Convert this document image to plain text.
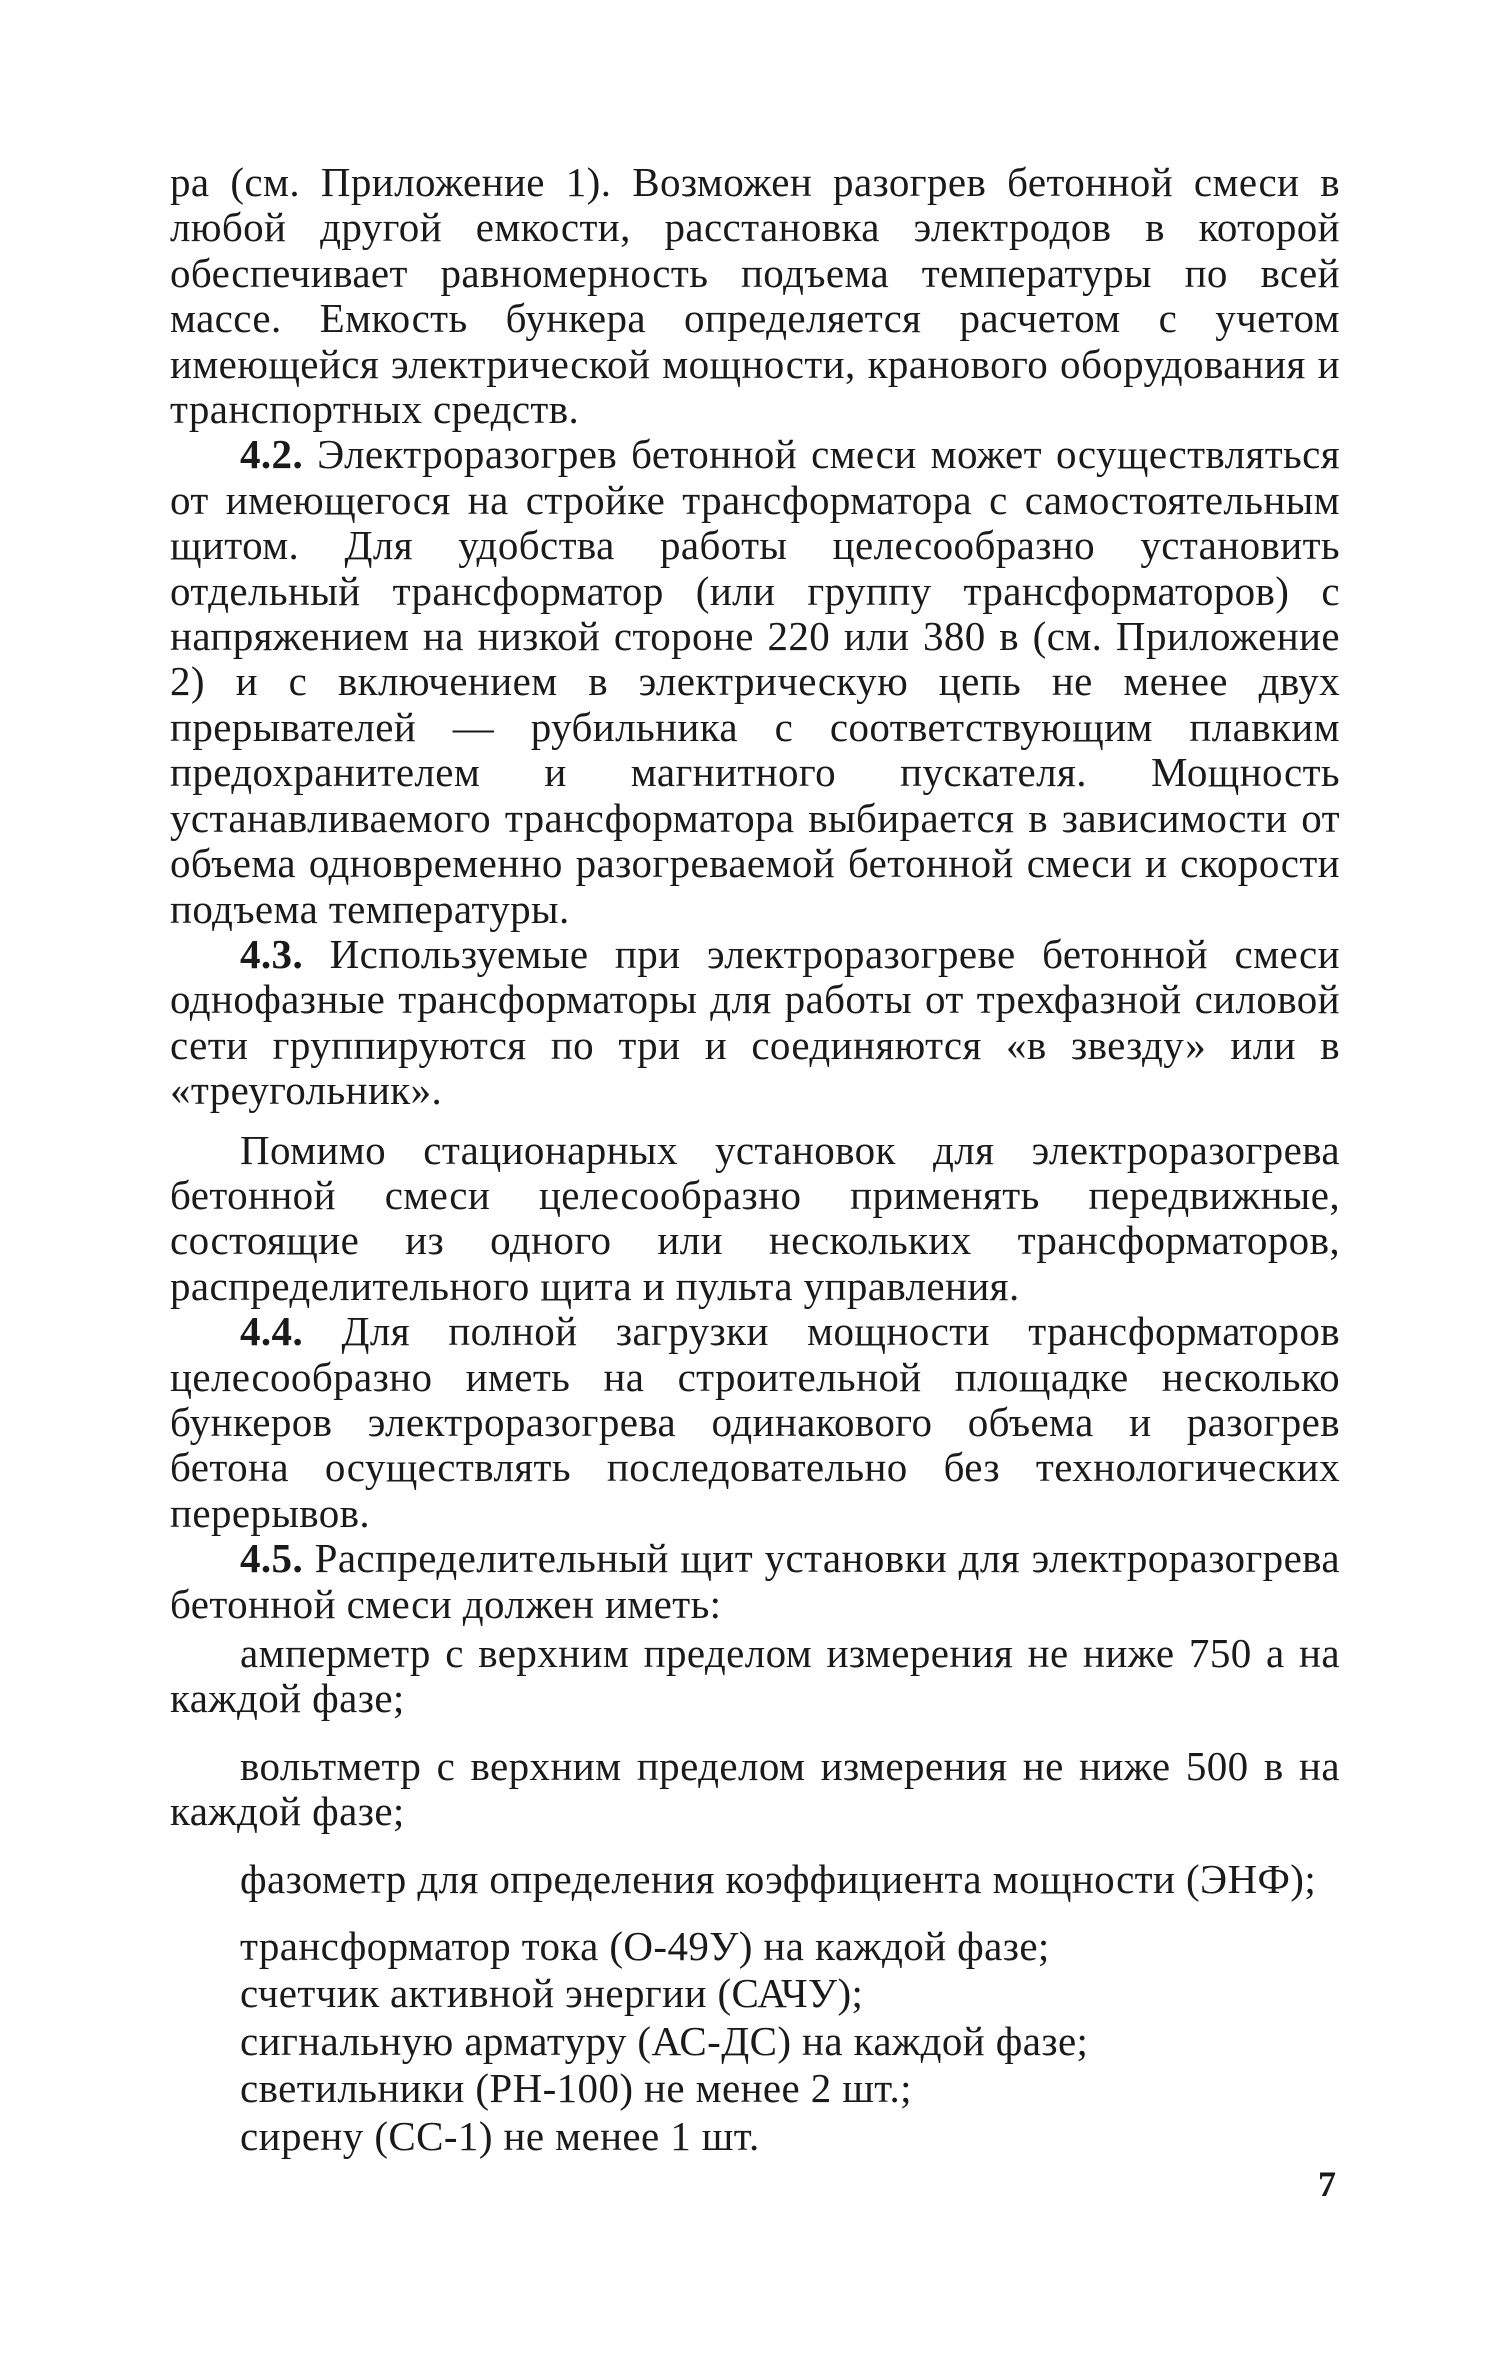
ра (см. Приложение 1). Возможен разогрев бетонной смеси в любой другой емкости, расстановка электродов в которой обеспечивает равномерность подъема температуры по всей массе. Емкость бункера определяется расчетом с учетом имеющейся электрической мощности, кранового оборудования и транспортных средств.

4.2. Электроразогрев бетонной смеси может осуществляться от имеющегося на стройке трансформатора с самостоятельным щитом. Для удобства работы целесообразно установить отдельный трансформатор (или группу трансформаторов) с напряжением на низкой стороне 220 или 380 в (см. Приложение 2) и с включением в электрическую цепь не менее двух прерывателей — рубильника с соответствующим плавким предохранителем и магнитного пускателя. Мощность устанавливаемого трансформатора выбирается в зависимости от объема одновременно разогреваемой бетонной смеси и скорости подъема температуры.

4.3. Используемые при электроразогреве бетонной смеси однофазные трансформаторы для работы от трехфазной силовой сети группируются по три и соединяются «в звезду» или в «треугольник».

Помимо стационарных установок для электроразогрева бетонной смеси целесообразно применять передвижные, состоящие из одного или нескольких трансформаторов, распределительного щита и пульта управления.

4.4. Для полной загрузки мощности трансформаторов целесообразно иметь на строительной площадке несколько бункеров электроразогрева одинакового объема и разогрев бетона осуществлять последовательно без технологических перерывов.

4.5. Распределительный щит установки для электроразогрева бетонной смеси должен иметь:

амперметр с верхним пределом измерения не ниже 750 а на каждой фазе;

вольтметр с верхним пределом измерения не ниже 500 в на каждой фазе;

фазометр для определения коэффициента мощности (ЭНФ);

трансформатор тока (О-49У) на каждой фазе;

счетчик активной энергии (САЧУ);

сигнальную арматуру (АС-ДС) на каждой фазе;

светильники (РН-100) не менее 2 шт.;

сирену (СС-1) не менее 1 шт.

7
